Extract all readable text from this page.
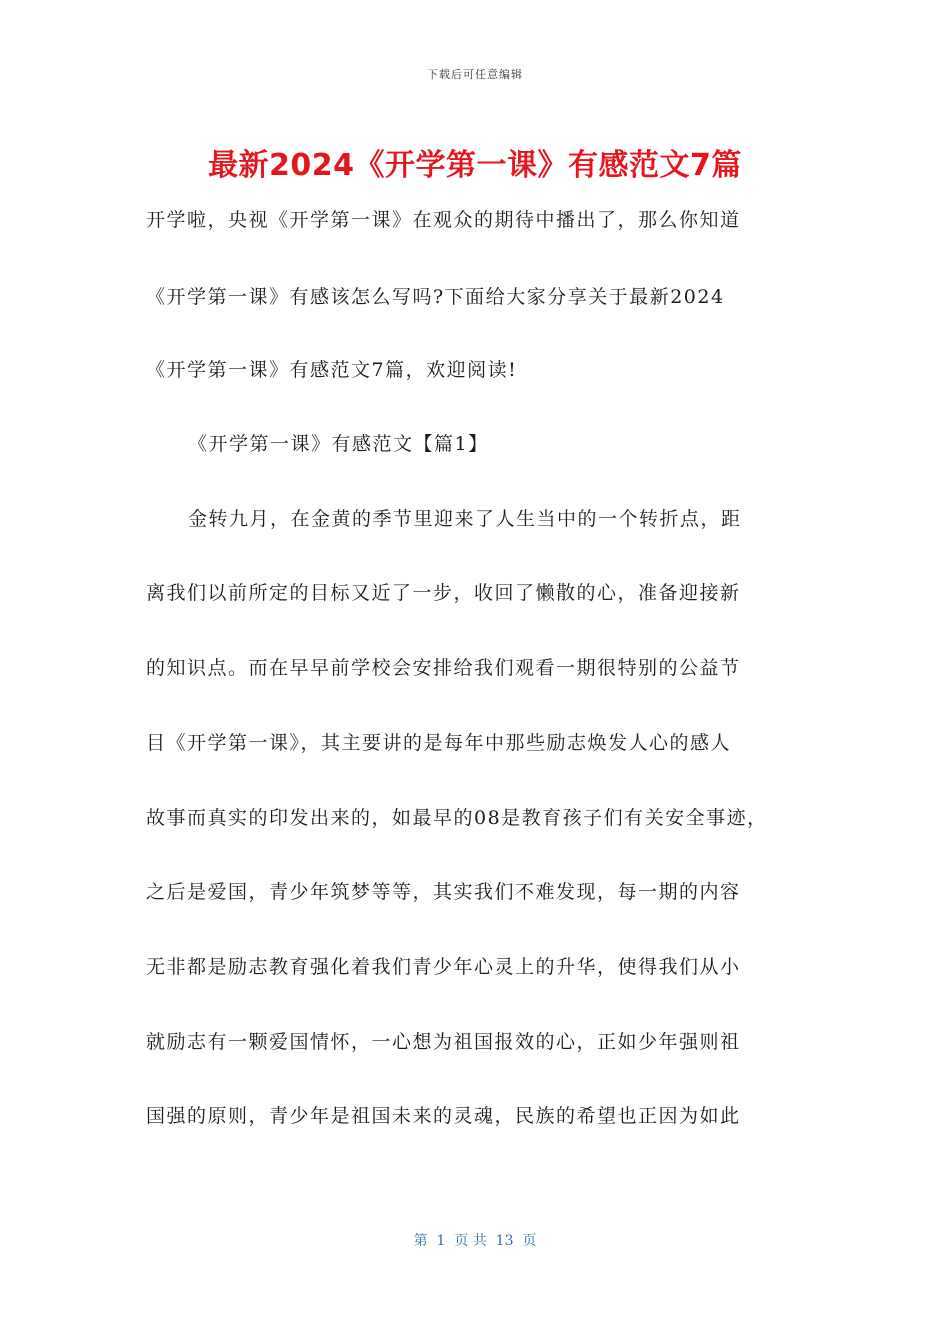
下载后可任意编辑
最新2024《开学第一课》有感范文7篇
开学啦，央视《开学第一课》在观众的期待中播出了，那么你知道
《开学第一课》有感该怎么写吗?下面给大家分享关于最新2024
《开学第一课》有感范文7篇，欢迎阅读!
《开学第一课》有感范文【篇1】
金转九月，在金黄的季节里迎来了人生当中的一个转折点，距
离我们以前所定的目标又近了一步，收回了懒散的心，准备迎接新
的知识点。而在早早前学校会安排给我们观看一期很特别的公益节
目《开学第一课》，其主要讲的是每年中那些励志焕发人心的感人
故事而真实的印发出来的，如最早的08是教育孩子们有关安全事迹，
之后是爱国，青少年筑梦等等，其实我们不难发现，每一期的内容
无非都是励志教育强化着我们青少年心灵上的升华，使得我们从小
就励志有一颗爱国情怀，一心想为祖国报效的心，正如少年强则祖
国强的原则，青少年是祖国未来的灵魂，民族的希望也正因为如此
第  1  页 共  13  页
